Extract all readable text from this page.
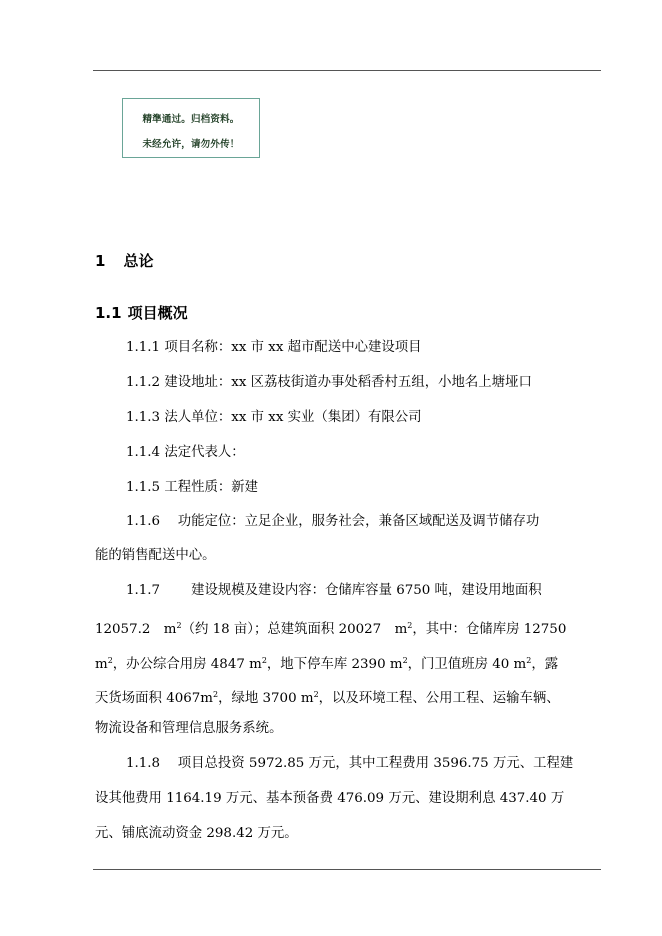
精準通过。归档资料。
未经允许，请勿外传！
1 总论
1.1 项目概况
1.1.1 项目名称：xx 市 xx 超市配送中心建设项目
1.1.2 建设地址：xx 区荔枝街道办事处稻香村五组，小地名上塘垭口
1.1.3 法人单位：xx 市 xx 实业（集团）有限公司
1.1.4 法定代表人：
1.1.5 工程性质：新建
1.1.6 　功能定位：立足企业，服务社会，兼备区域配送及调节储存功
能的销售配送中心。
1.1.7 　　建设规模及建设内容：仓储库容量 6750 吨，建设用地面积
12057.2　$m^2$（约 18 亩）；总建筑面积 20027　$m^2$，其中：仓储库房 12750
$m^2$，办公综合用房 4847 $m^2$，地下停车库 2390 $m^2$，门卫值班房 40 $m^2$，露
天货场面积 $4067m^2$，绿地 3700 $m^2$，以及环境工程、公用工程、运输车辆、
物流设备和管理信息服务系统。
1.1.8 　项目总投资 5972.85 万元，其中工程费用 3596.75 万元、工程建
设其他费用 1164.19 万元、基本预备费 476.09 万元、建设期利息 437.40 万
元、铺底流动资金 298.42 万元。
